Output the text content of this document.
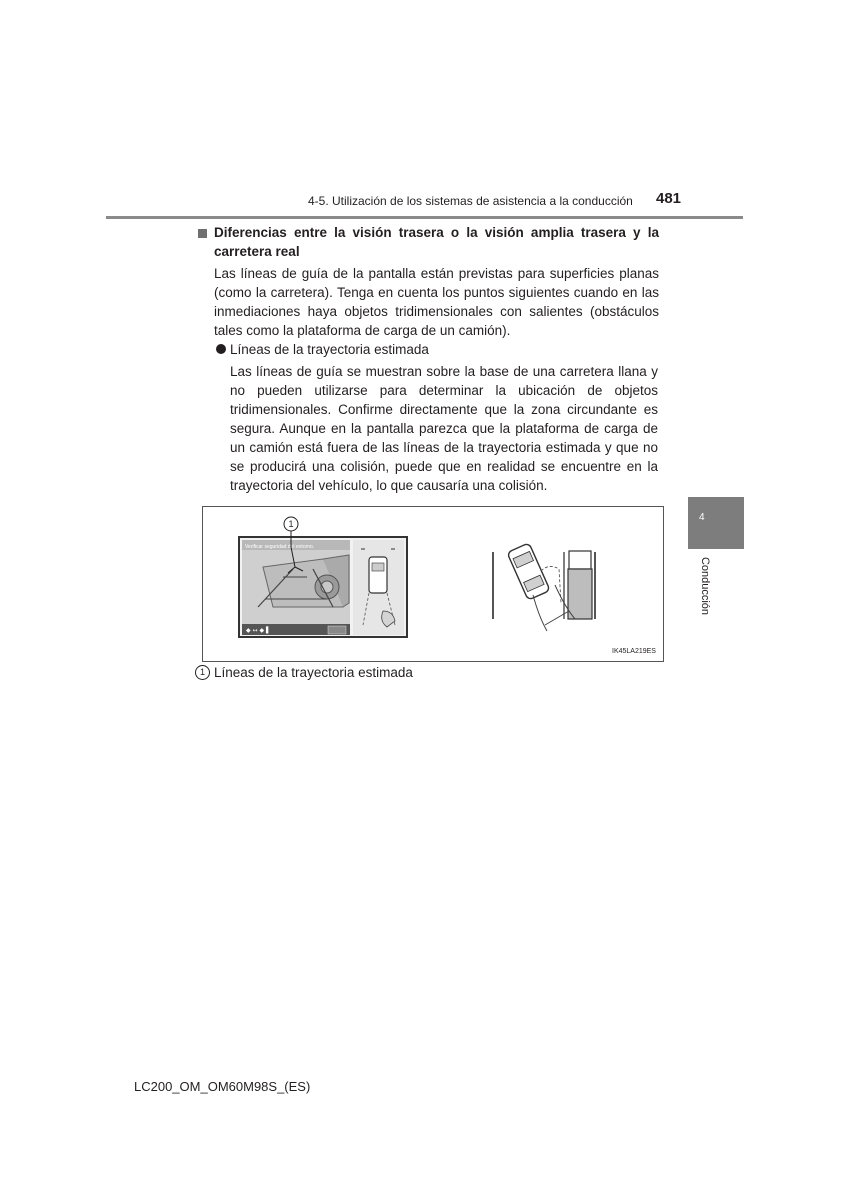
4-5. Utilización de los sistemas de asistencia a la conducción 481
4
Conducción
Diferencias entre la visión trasera o la visión amplia trasera y la carretera real
Las líneas de guía de la pantalla están previstas para superficies planas (como la carretera). Tenga en cuenta los puntos siguientes cuando en las inmediaciones haya objetos tridimensionales con salientes (obstáculos tales como la plataforma de carga de un camión).
Líneas de la trayectoria estimada
Las líneas de guía se muestran sobre la base de una carretera llana y no pueden utilizarse para determinar la ubicación de objetos tridimensionales. Confirme directamente que la zona circundante es segura. Aunque en la pantalla parezca que la plataforma de carga de un camión está fuera de las líneas de la trayectoria estimada y que no se producirá una colisión, puede que en realidad se encuentre en la trayectoria del vehículo, lo que causaría una colisión.
Verificar seguridad del entorno.
◆ ↔ ◆ ▌
1
IK45LA219ES
1 Líneas de la trayectoria estimada
LC200_OM_OM60M98S_(ES)
